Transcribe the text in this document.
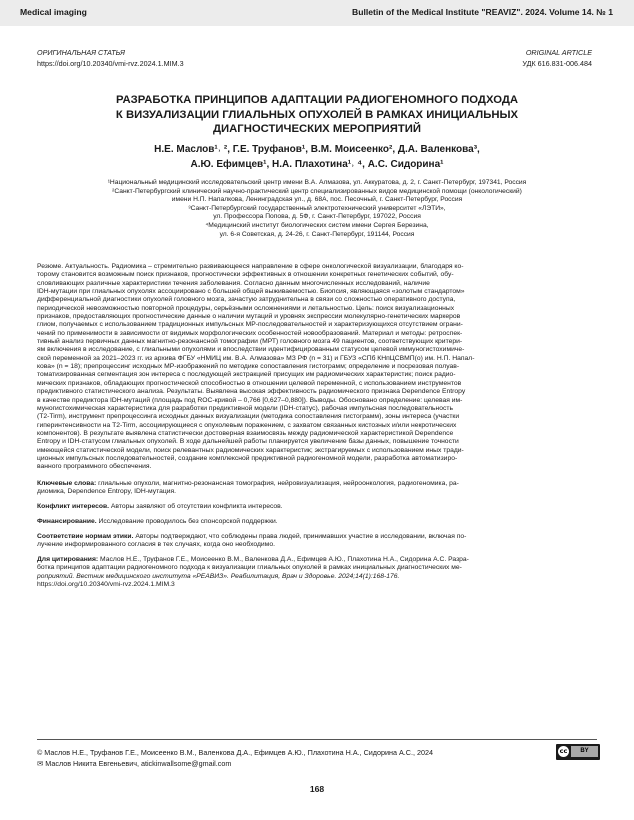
Medical imaging	Bulletin of the Medical Institute "REAVIZ". 2024. Volume 14. № 1
ОРИГИНАЛЬНАЯ СТАТЬЯ
https://doi.org/10.20340/vmi-rvz.2024.1.MIM.3
ORIGINAL ARTICLE
УДК 616.831-006.484
РАЗРАБОТКА ПРИНЦИПОВ АДАПТАЦИИ РАДИОГЕНОМНОГО ПОДХОДА
К ВИЗУАЛИЗАЦИИ ГЛИАЛЬНЫХ ОПУХОЛЕЙ В РАМКАХ ИНИЦИАЛЬНЫХ
ДИАГНОСТИЧЕСКИХ МЕРОПРИЯТИЙ
Н.Е. Маслов¹˒ ², Г.Е. Труфанов¹, В.М. Моисеенко², Д.А. Валенкова³,
А.Ю. Ефимцев¹, Н.А. Плахотина¹˒ ⁴, А.С. Сидорина¹
¹Национальный медицинский исследовательский центр имени В.А. Алмазова, ул. Аккуратова, д. 2, г. Санкт-Петербург, 197341, Россия
²Санкт-Петербургский клинический научно-практический центр специализированных видов медицинской помощи (онкологический)
имени Н.П. Напалкова, Ленинградская ул., д. 68А, пос. Песочный, г. Санкт-Петербург, Россия
³Санкт-Петербургский государственный электротехнический университет «ЛЭТИ»,
ул. Профессора Попова, д. 5Ф, г. Санкт-Петербург, 197022, Россия
⁴Медицинский институт биологических систем имени Сергея Березина,
ул. 6-я Советская, д. 24-26, г. Санкт-Петербург, 191144, Россия
Резюме. Актуальность. Радиомика – стремительно развивающееся направление в сфере онкологической визуализации, благодаря ко-
торому становится возможным поиск признаков, прогностически эффективных в отношении конкретных генетических событий, обу-
словливающих различные характеристики течения заболевания. Согласно данным многочисленных исследований, наличие
IDH-мутации при глиальных опухолях ассоциировано с большей общей выживаемостью. Биопсия, являющаяся «золотым стандартом»
дифференциальной диагностики опухолей головного мозга, зачастую затруднительна в связи со сложностью оперативного доступа,
периодической невозможностью повторной процедуры, серьёзными осложнениями и летальностью. Цель: поиск визуализационных
признаков, предоставляющих прогностические данные о наличии мутаций и уровнях экспрессии молекулярно-генетических маркеров
глиом, получаемых с использованием традиционных импульсных МР-последовательностей и характеризующихся отсутствием ограни-
чений по применимости в зависимости от видимых морфологических особенностей новообразований. Материал и методы: ретроспек-
тивный анализ первичных данных магнитно-резонансной томографии (МРТ) головного мозга 49 пациентов, соответствующих критери-
ям включения в исследование, с глиальными опухолями и впоследствии идентифицированным статусом целевой иммуногистохимиче-
ской переменной за 2021–2023 гг. из архива ФГБУ «НМИЦ им. В.А. Алмазова» МЗ РФ (n = 31) и ГБУЗ «СПб КНпЦСВМП(о) им. Н.П. Напал-
кова» (n = 18); препроцессинг исходных МР-изображений по методике сопоставления гистограмм; определение и посрезовая полуав-
томатизированная сегментация зон интереса с последующей экстракцией присущих им радиомических характеристик; поиск радио-
мических признаков, обладающих прогностической способностью в отношении целевой переменной, с использованием инструментов
предиктивного статистического анализа. Результаты. Выявлена высокая эффективность радиомического признака Dependence Entropy
в качестве предиктора IDH-мутаций (площадь под ROC-кривой – 0,766 [0,627–0,880]). Выводы. Обосновано определение: целевая им-
муногистохимическая характеристика для разработки предиктивной модели (IDH-статус), рабочая импульсная последовательность
(T2-Tirm), инструмент препроцессинга исходных данных визуализации (методика сопоставления гистограмм), зоны интереса (участки
гиперинтенсивности на T2-Tirm, ассоциирующиеся с опухолевым поражением, с захватом связанных кистозных и/или некротических
компонентов). В результате выявлена статистически достоверная взаимосвязь между радиомической характеристикой Dependence
Entropy и IDH-статусом глиальных опухолей. В ходе дальнейшей работы планируется увеличение базы данных, повышение точности
имеющейся статистической модели, поиск релевантных радиомических характеристик; экстрагируемых с использованием иных тради-
ционных импульсных последовательностей, создание комплексной предиктивной радиогеномной модели, разработка автоматизиро-
ванного программного обеспечения.
Ключевые слова: глиальные опухоли, магнитно-резонансная томография, нейровизуализация, нейроонкология, радиогеномика, ра-
диомика, Dependence Entropy, IDH-мутация.
Конфликт интересов. Авторы заявляют об отсутствии конфликта интересов.
Финансирование. Исследование проводилось без спонсорской поддержки.
Соответствие нормам этики. Авторы подтверждают, что соблюдены права людей, принимавших участие в исследовании, включая по-
лучение информированного согласия в тех случаях, когда оно необходимо.
Для цитирования: Маслов Н.Е., Труфанов Г.Е., Моисеенко В.М., Валенкова Д.А., Ефимцев А.Ю., Плахотина Н.А., Сидорина А.С. Разра-
ботка принципов адаптации радиогеномного подхода к визуализации глиальных опухолей в рамках инициальных диагностических ме-
роприятий. Вестник медицинского института «РЕАВИЗ». Реабилитация, Врач и Здоровье. 2024;14(1):168-176.
https://doi.org/10.20340/vmi-rvz.2024.1.MIM.3
© Маслов Н.Е., Труфанов Г.Е., Моисеенко В.М., Валенкова Д.А., Ефимцев А.Ю., Плахотина Н.А., Сидорина А.С., 2024
✉ Маслов Никита Евгеньевич, atickinwallsome@gmail.com
cc	BY
168
